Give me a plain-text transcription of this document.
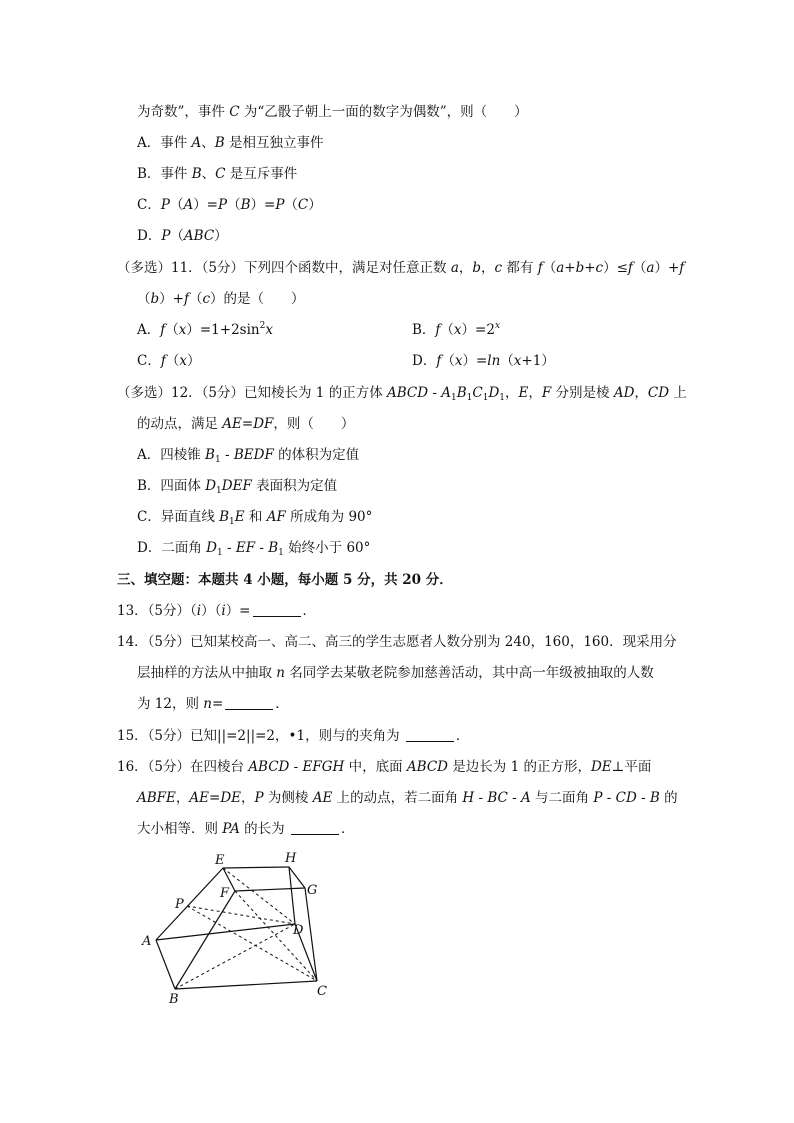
为奇数”，事件 C 为“乙骰子朝上一面的数字为偶数”，则（　　）
A．事件 A、B 是相互独立事件
B．事件 B、C 是互斥事件
C．P（A）=P（B）=P（C）
D．P（ABC）
（多选）11．（5分）下列四个函数中，满足对任意正数 a，b，c 都有 f（a+b+c）≤f（a）+f
（b）+f（c）的是（　　）
A．$f(x)=1+2\sin^2x$	B．$f(x)=2^x$
C．f（x）	D．f（x）=ln（x+1）
（多选）12．（5分）已知棱长为 1 的正方体 ABCD - $A_1B_1C_1D_1$，E，F 分别是棱 AD，CD 上
的动点，满足 AE=DF，则（　　）
A．四棱锥 $B_1$ - BEDF 的体积为定值
B．四面体 $D_1DEF$ 表面积为定值
C．异面直线 $B_1E$ 和 AF 所成角为 90°
D．二面角 $D_1$ - EF - $B_1$ 始终小于 60°
三、填空题：本题共 4 小题，每小题 5 分，共 20 分．
13．（5分）（i）（i）=	．
14．（5分）已知某校高一、高二、高三的学生志愿者人数分别为 240，160，160．现采用分
层抽样的方法从中抽取 n 名同学去某敬老院参加慈善活动，其中高一年级被抽取的人数
为 12，则 n=	．
15．（5分）已知||=2||=2，•1，则与的夹角为	．
16．（5分）在四棱台 ABCD - EFGH 中，底面 ABCD 是边长为 1 的正方形，DE⊥平面
ABFE，AE=DE，P 为侧棱 AE 上的动点，若二面角 H - BC - A 与二面角 P - CD - B 的
大小相等．则 PA 的长为	．
E	H
F	G
P
D
A
B
C
